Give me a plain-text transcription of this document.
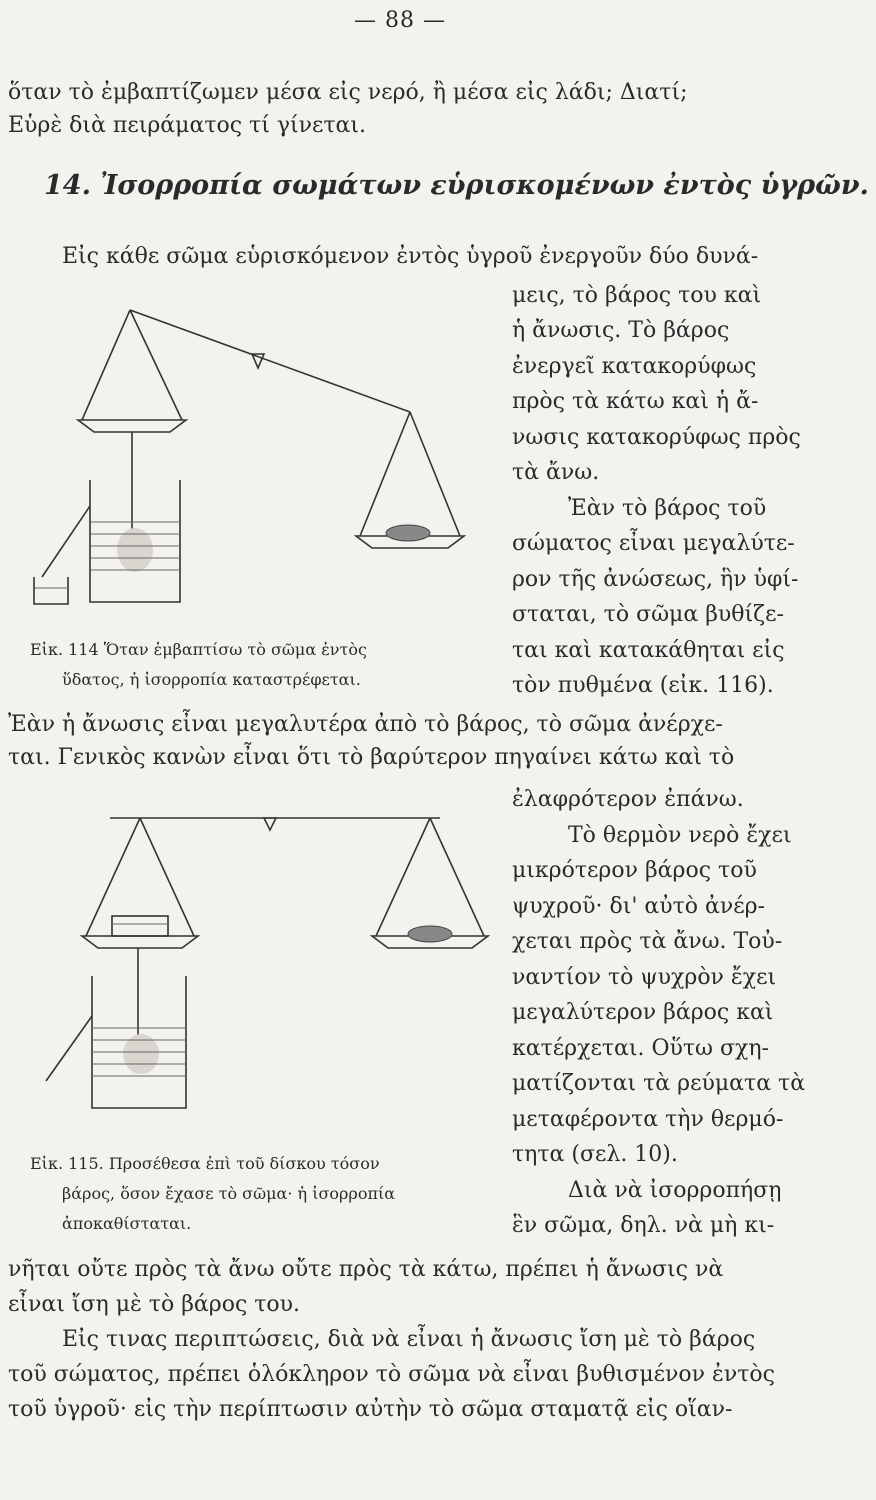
— 88 —
ὅταν τὸ ἐμβαπτίζωμεν μέσα εἰς νερό, ἢ μέσα εἰς λάδι; Διατί;
Εὑρὲ διὰ πειράματος τί γίνεται.
14. Ἰσορροπία σωμάτων εὑρισκομένων ἐντὸς ὑγρῶν.
Εἰς κάθε σῶμα εὑρισκόμενον ἐντὸς ὑγροῦ ἐνεργοῦν δύο δυνά-
Εἰκ. 114 Ὅταν ἐμβαπτίσω τὸ σῶμα ἐντὸς
ὕδατος, ἡ ἰσορροπία καταστρέφεται.
μεις, τὸ βάρος του καὶ
ἡ ἄνωσις. Τὸ βάρος
ἐνεργεῖ κατακορύφως
πρὸς τὰ κάτω καὶ ἡ ἄ-
νωσις κατακορύφως πρὸς
τὰ ἄνω.
Ἐὰν τὸ βάρος τοῦ
σώματος εἶναι μεγαλύτε-
ρον τῆς ἀνώσεως, ἣν ὑφί-
σταται, τὸ σῶμα βυθίζε-
ται καὶ κατακάθηται εἰς
τὸν πυθμένα (εἰκ. 116).
Ἐὰν ἡ ἄνωσις εἶναι μεγαλυτέρα ἀπὸ τὸ βάρος, τὸ σῶμα ἀνέρχε-
ται. Γενικὸς κανὼν εἶναι ὅτι τὸ βαρύτερον πηγαίνει κάτω καὶ τὸ
ἐλαφρότερον ἐπάνω.
Τὸ θερμὸν νερὸ ἔχει
μικρότερον βάρος τοῦ
ψυχροῦ· δι' αὐτὸ ἀνέρ-
χεται πρὸς τὰ ἄνω. Τοὐ-
ναντίον τὸ ψυχρὸν ἔχει
μεγαλύτερον βάρος καὶ
κατέρχεται. Οὕτω σχη-
ματίζονται τὰ ρεύματα τὰ
μεταφέροντα τὴν θερμό-
τητα (σελ. 10).
Διὰ νὰ ἰσορροπήσῃ
ἓν σῶμα, δηλ. νὰ μὴ κι-
Εἰκ. 115. Προσέθεσα ἐπὶ τοῦ δίσκου τόσον
βάρος, ὅσον ἔχασε τὸ σῶμα· ἡ ἰσορροπία
ἀποκαθίσταται.
νῆται οὔτε πρὸς τὰ ἄνω οὔτε πρὸς τὰ κάτω, πρέπει ἡ ἄνωσις νὰ
εἶναι ἴση μὲ τὸ βάρος του.
Εἰς τινας περιπτώσεις, διὰ νὰ εἶναι ἡ ἄνωσις ἴση μὲ τὸ βάρος
τοῦ σώματος, πρέπει ὁλόκληρον τὸ σῶμα νὰ εἶναι βυθισμένον ἐντὸς
τοῦ ὑγροῦ· εἰς τὴν περίπτωσιν αὐτὴν τὸ σῶμα σταματᾷ εἰς οἵαν-
